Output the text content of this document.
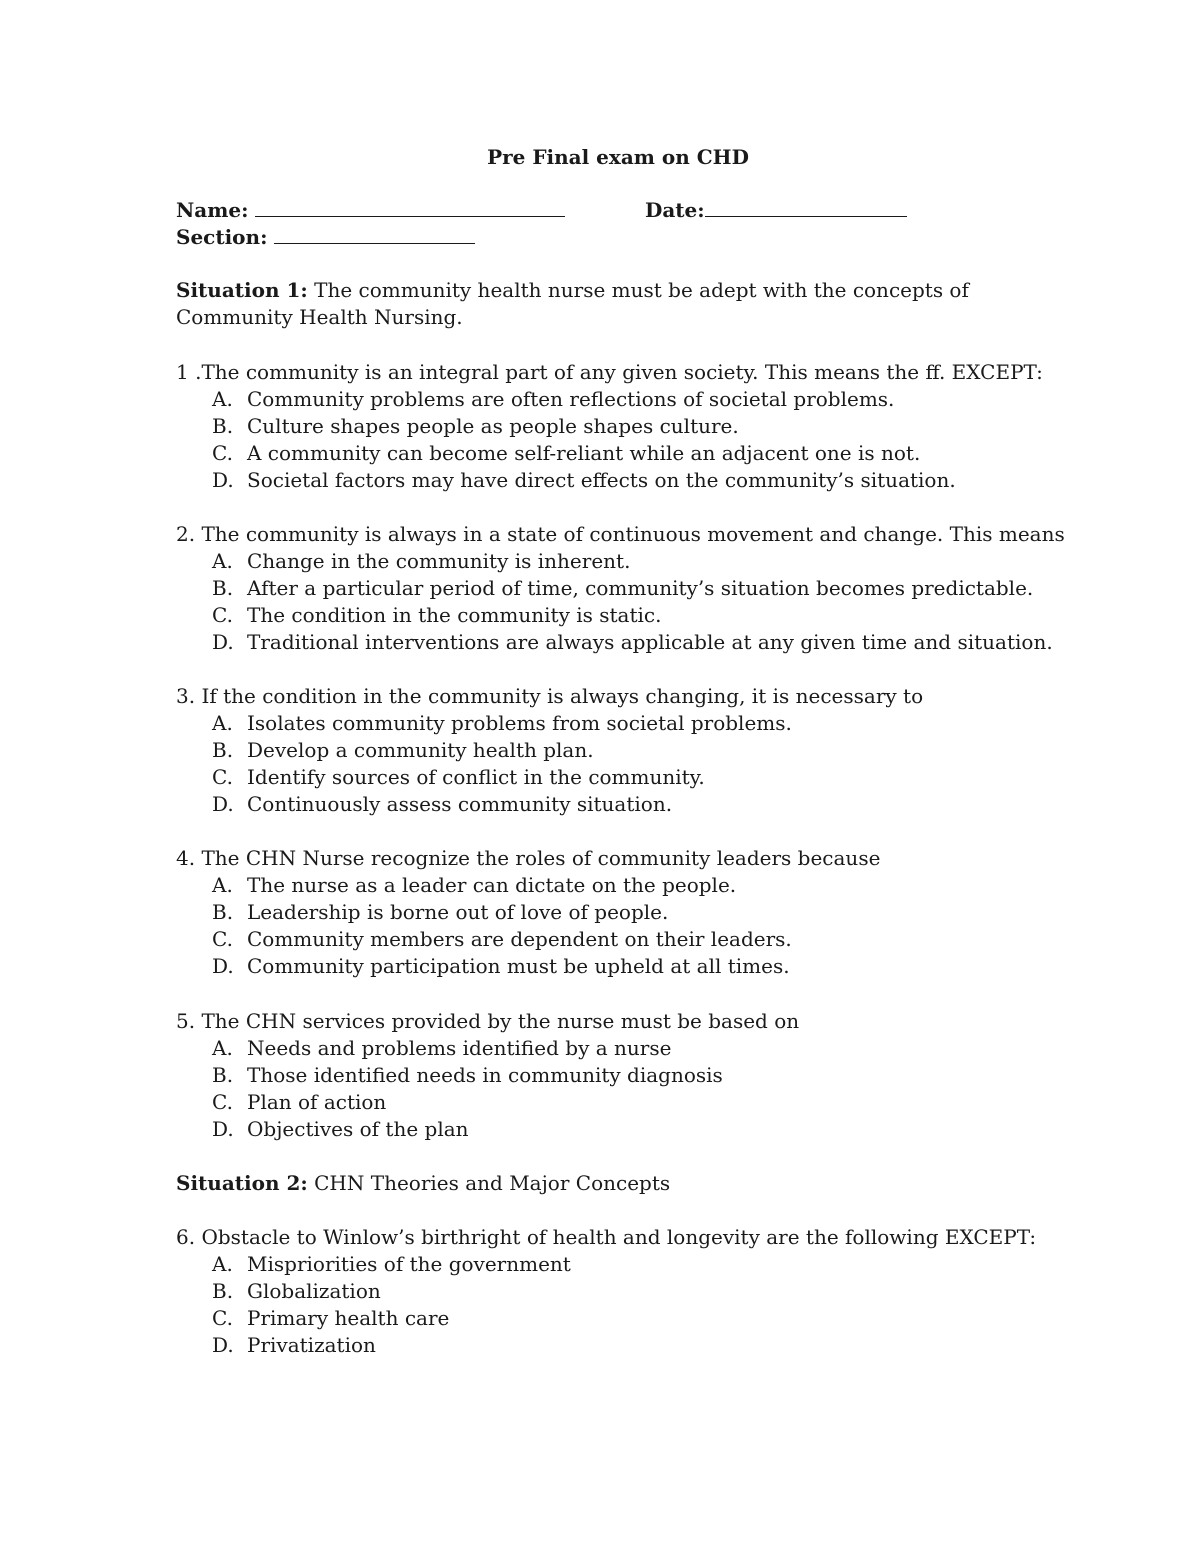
Pre Final exam on CHD
Name:	Date:
Section:
Situation 1: The community health nurse must be adept with the concepts of Community Health Nursing.

1 .The community is an integral part of any given society. This means the ff. EXCEPT:

A. Community problems are often reflections of societal problems.
B. Culture shapes people as people shapes culture.
C. A community can become self-reliant while an adjacent one is not.
D. Societal factors may have direct effects on the community’s situation.

2. The community is always in a state of continuous movement and change. This means

A. Change in the community is inherent.
B. After a particular period of time, community’s situation becomes predictable.
C. The condition in the community is static.
D. Traditional interventions are always applicable at any given time and situation.

3. If the condition in the community is always changing, it is necessary to

A. Isolates community problems from societal problems.
B. Develop a community health plan.
C. Identify sources of conflict in the community.
D. Continuously assess community situation.

4. The CHN Nurse recognize the roles of community leaders because

A. The nurse as a leader can dictate on the people.
B. Leadership is borne out of love of people.
C. Community members are dependent on their leaders.
D. Community participation must be upheld at all times.

5. The CHN services provided by the nurse must be based on

A. Needs and problems identified by a nurse
B. Those identified needs in community diagnosis
C. Plan of action
D. Objectives of the plan
Situation 2: CHN Theories and Major Concepts

6. Obstacle to Winlow’s birthright of health and longevity are the following EXCEPT:

A. Mispriorities of the government
B. Globalization
C. Primary health care
D. Privatization
